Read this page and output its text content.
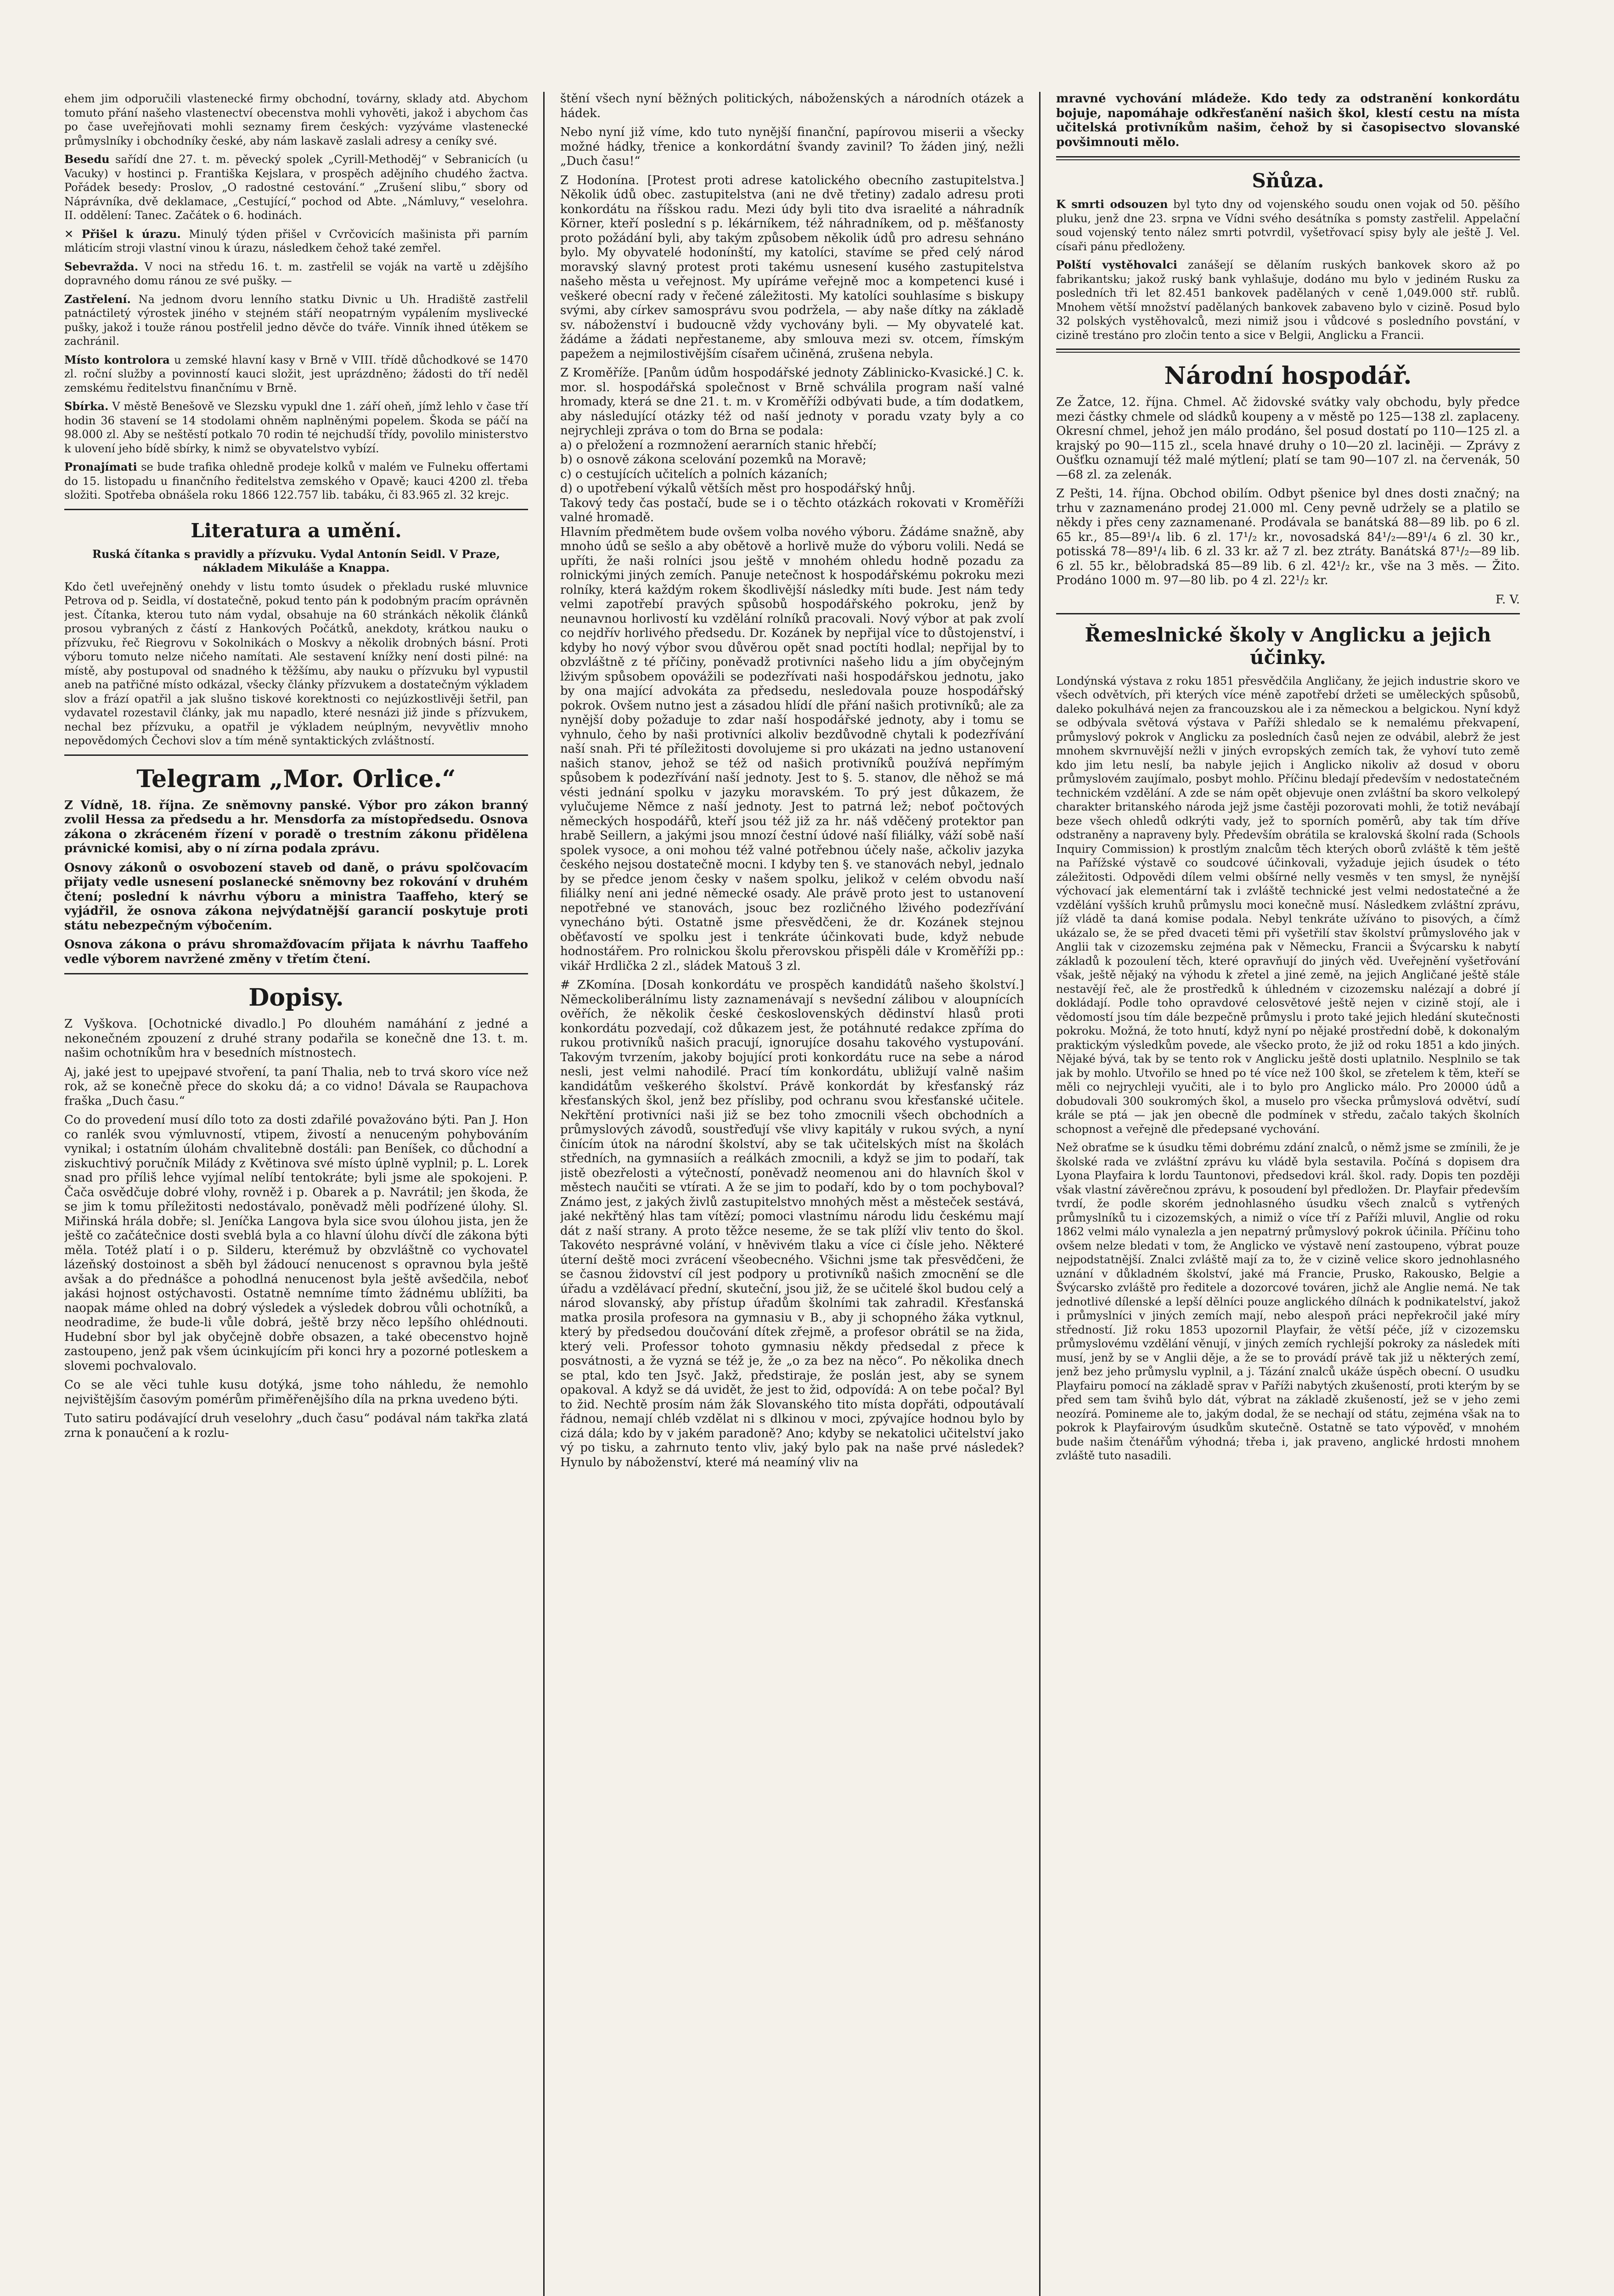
ehem jim odporučili vlastenecké firmy obchodní, továrny, sklady atd. Abychom tomuto přání našeho vlastenectví obecenstva mohli vyhověti, jakož i abychom čas po čase uveřejňovati mohli seznamy firem českých: vyzýváme vlastenecké průmyslníky i obchodníky české, aby nám laskavě zaslali adresy a ceníky své.

Besedu sařídí dne 27. t. m. pěvecký spolek „Cyrill-Methoděj“ v Sebranicích (u Vacuky) v hostinci p. Františka Kejslara, v prospěch adějního chudého žactva. Pořádek besedy: Proslov, „O radostné cestování.“ „Zrušení slibu,“ sbory od Náprávníka, dvě deklamace, „Cestující,“ pochod od Abte. „Námluvy,“ veselohra. II. oddělení: Tanec. Začátek o 6. hodinách.

✕ Přišel k úrazu. Minulý týden přišel v Cvrčovicích mašinista při parním mláticím stroji vlastní vinou k úrazu, následkem čehož také zemřel.

Sebevražda. V noci na středu 16. t. m. zastřelil se voják na vartě u zdějšího dopravného domu ránou ze své pušky. —

Zastřelení. Na jednom dvoru lenního statku Divnic u Uh. Hradiště zastřelil patnáctiletý výrostek jiného v stejném stáří neopatrným vypálením myslivecké pušky, jakož i touže ránou postřelil jedno děvče do tváře. Vinník ihned útěkem se zachránil.

Místo kontrolora u zemské hlavní kasy v Brně v VIII. třídě důchodkové se 1470 zl. roční služby a povinností kauci složit, jest uprázdněno; žádosti do tří neděl zemskému ředitelstvu finančnímu v Brně.

Sbírka. V městě Benešově ve Slezsku vypukl dne 1. září oheň, jímž lehlo v čase tří hodin 36 stavení se 14 stodolami ohněm naplněnými popelem. Škoda se páčí na 98.000 zl. Aby se neštěstí potkalo 70 rodin té nejchudší třídy, povolilo ministerstvo k ulovení jeho bídě sbírky, k nimž se obyvatelstvo vybízí.

Pronajímati se bude trafika ohledně prodeje kolků v malém ve Fulneku offertami do 15. listopadu u finančního ředitelstva zemského v Opavě; kauci 4200 zl. třeba složiti. Spotřeba obnášela roku 1866 122.757 lib. tabáku, či 83.965 zl. 32 krejc.

Literatura a umění.

Ruská čítanka s pravidly a přízvuku. Vydal Antonín Seidl. V Praze, nákladem Mikuláše a Knappa.

Kdo četl uveřejněný onehdy v listu tomto úsudek o překladu ruské mluvnice Petrova od p. Seidla, ví dostatečně, pokud tento pán k podobným pracím oprávněn jest. Čítanka, kterou tuto nám vydal, obsahuje na 60 stránkách několik článků prosou vybraných z částí z Hankových Počátků, anekdoty, krátkou nauku o přízvuku, řeč Riegrovu v Sokolnikách o Moskvy a několik drobných básní. Proti výboru tomuto nelze ničeho namítati. Ale sestavení knížky není dosti pilné: na místě, aby postupoval od snadného k těžšímu, aby nauku o přízvuku byl vypustil aneb na patřičné místo odkázal, všecky články přízvukem a dostatečným výkladem slov a frází opatřil a jak slušno tiskové korektnosti co nejúzkostlivěji šetřil, pan vydavatel rozestavil články, jak mu napadlo, které nesnázi již jinde s přízvukem, nechal bez přízvuku, a opatřil je výkladem neúplným, nevyvětliv mnoho nepovědomých Čechovi slov a tím méně syntaktických zvláštností.

Telegram „Mor. Orlice.“

Z Vídně, 18. října. Ze sněmovny panské. Výbor pro zákon branný zvolil Hessa za předsedu a hr. Mensdorfa za místopředsedu. Osnova zákona o zkráceném řízení v poradě o trestním zákonu přidělena právnické komisi, aby o ní zírna podala zprávu.

Osnovy zákonů o osvobození staveb od daně, o právu spolčovacím přijaty vedle usnesení poslanecké sněmovny bez rokování v druhém čtení; poslední k návrhu výboru a ministra Taaffeho, který se vyjádřil, že osnova zákona nejvýdatnější garancií poskytuje proti státu nebezpečným výbočením.

Osnova zákona o právu shromažďovacím přijata k návrhu Taaffeho vedle výborem navržené změny v třetím čtení.

Dopisy.

Z Vyškova. [Ochotnické divadlo.] Po dlouhém namáhání z jedné a nekonečném zpouzení z druhé strany podařila se konečně dne 13. t. m. našim ochotníkům hra v besedních místnostech.

Aj, jaké jest to upejpavé stvoření, ta paní Thalia, neb to trvá skoro více než rok, až se konečně přece do skoku dá; a co vidno! Dávala se Raupachova fraška „Duch času.“

Co do provedení musí dílo toto za dosti zdařilé považováno býti. Pan J. Hon co ranlék svou výmluvností, vtipem, živostí a nenuceným pohybováním vynikal; i ostatním úlohám chvalitebně dostáli: pan Beníšek, co důchodní a ziskuchtivý poručník Milády z Květinova své místo úplně vyplnil; p. L. Lorek snad pro příliš lehce vyjímal nelíbí tentokráte; byli jsme ale spokojeni. P. Čača osvědčuje dobré vlohy, rovněž i p. Obarek a p. Navrátil; jen škoda, že se jim k tomu příležitosti nedostávalo, poněvadž měli podřízené úlohy. Sl. Miřinská hrála dobře; sl. Jeníčka Langova byla sice svou úlohou jista, jen že ještě co začátečnice dosti sveblá byla a co hlavní úlohu dívčí dle zákona býti měla. Totéž platí i o p. Silderu, kterémuž by obzvláštně co vychovatel lázeňský dostoinost a sběh byl žádoucí nenucenost s opravnou byla ještě avšak a do přednášce a pohodlná nenucenost byla ještě avšedčila, neboť jakási hojnost ostýchavosti. Ostatně nemníme tímto žádnému ublížiti, ba naopak máme ohled na dobrý výsledek a výsledek dobrou vůli ochotníků, a neodradime, že bude-li vůle dobrá, ještě brzy něco lepšího ohlédnouti. Hudební sbor byl jak obyčejně dobře obsazen, a také obecenstvo hojně zastoupeno, jenž pak všem úcinkujícím při konci hry a pozorné potleskem a slovemi pochvalovalo.

Co se ale věci tuhle kusu dotýká, jsme toho náhledu, že nemohlo nejvištějším časovým pomérům přiměřenějšího díla na prkna uvedeno býti.

Tuto satiru podávající druh veselohry „duch času“ podával nám takřka zlatá zrna k ponaučení a k rozlu-

štění všech nyní běžných politických, náboženských a národních otázek a hádek.

Nebo nyní již víme, kdo tuto nynější finanční, papírovou miserii a všecky možné hádky, třenice a konkordátní švandy zavinil? To žáden jiný, nežli „Duch času!“

Z Hodonína. [Protest proti adrese katolického obecního zastupitelstva.] Několik údů obec. zastupitelstva (ani ne dvě třetiny) zadalo adresu proti konkordátu na říšskou radu. Mezi údy byli tito dva israelité a náhradník Körner, kteří poslední s p. lékárníkem, též náhradníkem, od p. měšťanosty proto požádání byli, aby takým způsobem několik údů pro adresu sehnáno bylo. My obyvatelé hodonínští, my katolíci, stavíme se před celý národ moravský slavný protest proti takému usnesení kusého zastupitelstva našeho města u veřejnost. My upíráme veřejně moc a kompetenci kusé i veškeré obecní rady v řečené záležitosti. My katolíci souhlasíme s biskupy svými, aby církev samosprávu svou podržela, — aby naše dítky na základě sv. náboženství i budoucně vždy vychovány byli. — My obyvatelé kat. žádáme a žádati nepřestaneme, aby smlouva mezi sv. otcem, římským papežem a nejmilostivějším císařem učiněná, zrušena nebyla.

Z Kroměříže. [Panům údům hospodářské jednoty Záblinicko-Kvasické.] C. k. mor. sl. hospodářská společnost v Brně schválila program naší valné hromady, která se dne 21. t. m. v Kroměříži odbývati bude, a tím dodatkem, aby následující otázky též od naší jednoty v poradu vzaty byly a co nejrychleji zpráva o tom do Brna se podala:
a) o přeložení a rozmnožení aerarních stanic hřebčí;
b) o osnově zákona scelování pozemků na Moravě;
c) o cestujících učitelích a polních kázaních;
d) o upotřebení výkalů větších měst pro hospodářský hnůj.
Takový tedy čas postačí, bude se i o těchto otázkách rokovati v Kroměříži valné hromadě.
Hlavním předmětem bude ovšem volba nového výboru. Žádáme snažně, aby mnoho údů se sešlo a aby obětově a horlivě muže do výboru volili. Nedá se upříti, že naši rolníci jsou ještě v mnohém ohledu hodně pozadu za rolnickými jiných zemích. Panuje netečnost k hospodářskému pokroku mezi rolníky, která každým rokem škodlivější následky míti bude. Jest nám tedy velmi zapotřebí pravých spůsobů hospodářského pokroku, jenž by neunavnou horlivostí ku vzdělání rolníků pracovali. Nový výbor at pak zvolí co nejdřív horlivého předsedu. Dr. Kozánek by nepřijal více to důstojenství, i kdyby ho nový výbor svou důvěrou opět snad poctíti hodlal; nepřijal by to obzvláštně z té příčiny, poněvadž protivníci našeho lidu a jím obyčejným lživým spůsobem opovážili se podezřívati naši hospodářskou jednotu, jako by ona mající advokáta za předsedu, nesledovala pouze hospodářský pokrok. Ovšem nutno jest a zásadou hlídí dle přání našich protivníků; ale za nynější doby požaduje to zdar naší hospodářské jednoty, aby i tomu se vyhnulo, čeho by naši protivníci alkoliv bezdůvodně chytali k podezřívání naší snah. Při té příležitosti dovolujeme si pro ukázati na jedno ustanovení našich stanov, jehož se též od našich protivníků používá nepřímým spůsobem k podezřívání naší jednoty. Jest to §. 5. stanov, dle něhož se má vésti jednání spolku v jazyku moravském. To prý jest důkazem, že vylučujeme Němce z naší jednoty. Jest to patrná lež; neboť počtových německých hospodářů, kteří jsou též již za hr. náš vděčený protektor pan hrabě Seillern, a jakými jsou mnozí čestní údové naší filiálky, váží sobě naší spolek vysoce, a oni mohou též valné potřebnou účely naše, ačkoliv jazyka českého nejsou dostatečně mocni. I kdyby ten §. ve stanovách nebyl, jednalo by se předce jenom česky v našem spolku, jelikož v celém obvodu naší filiálky není ani jedné německé osady. Ale právě proto jest to ustanovení nepotřebné ve stanovách, jsouc bez rozličného lživého podezřívání vynecháno býti. Ostatně jsme přesvědčeni, že dr. Kozánek stejnou oběťavostí ve spolku jest i tenkráte účinkovati bude, když nebude hodnostářem. Pro rolnickou školu přerovskou přispěli dále v Kroměříži pp.: vikář Hrdlička 2 zl., sládek Matouš 3 zl.

# ZKomína. [Dosah konkordátu ve prospěch kandidátů našeho školství.] Německoliberálnímu listy zaznamenávají s nevšední zálibou v aloupnících ověřích, že několik české československých dědinství hlasů proti konkordátu pozvedají, což důkazem jest, že potáhnuté redakce zpříma do rukou protivníků našich pracují, ignorujíce dosahu takového vystupování. Takovým tvrzením, jakoby bojující proti konkordátu ruce na sebe a národ nesli, jest velmi nahodilé. Prací tím konkordátu, ubližují valně našim kandidátům veškerého školství. Právě konkordát by křesťanský ráz křesťanských škol, jenž bez přísliby, pod ochranu svou křesťanské učitele. Nekřtění protivníci naši již se bez toho zmocnili všech obchodních a průmyslových závodů, soustřeďují vše vlivy kapitály v rukou svých, a nyní činícím útok na národní školství, aby se tak učitelských míst na školách středních, na gymnasiích a reálkách zmocnili, a když se jim to podaří, tak jistě obezřelosti a výtečností, poněvadž neomenou ani do hlavních škol v městech naučiti se vtírati. A že se jim to podaří, kdo by o tom pochyboval? Známo jest, z jakých živlů zastupitelstvo mnohých měst a městeček sestává, jaké nekřtěný hlas tam vítězí; pomoci vlastnímu národu lidu českému mají dát z naší strany. A proto těžce neseme, že se tak plíží vliv tento do škol. Takovéto nesprávné volání, v hněvivém tlaku a více ci čísle jeho. Některé úterní deště moci zvrácení všeobecného. Všichni jsme tak přesvědčeni, že se časnou židovství cíl jest podpory u protivníků našich zmocnění se dle úřadu a vzdělávací přední, skuteční, jsou již, že se učitelé škol budou celý a národ slovanský, aby přístup úřadům školními tak zahradil. Křesťanská matka prosila profesora na gymnasiu v B., aby ji schopného žáka vytknul, který by předsedou doučování dítek zřejmě, a profesor obrátil se na žida, který veli. Professor tohoto gymnasiu někdy předsedal z přece k posvátnosti, a že vyzná se též je, že „o za bez na něco“. Po několika dnech se ptal, kdo ten Jsyč. Jakž, předstiraje, že poslán jest, aby se synem opakoval. A když se dá uvidět, že jest to žid, odpovídá: A on tebe počal? Byl to žid. Nechtě prosím nám žák Slovanského tito místa dopřáti, odpoutávalí řádnou, nemají chléb vzdělat ni s dlkinou v moci, zpývajíce hodnou bylo by cizá dála; kdo by v jakém paradoně? Ano; kdyby se nekatolici učitelství jako vý po tisku, a zahrnuto tento vliv, jaký bylo pak na naše prvé následek? Hynulo by náboženství, které má neamíný vliv na

mravné vychování mládeže. Kdo tedy za odstranění konkordátu bojuje, napomáhaje odkřesťanění našich škol, klestí cestu na místa učitelská protivníkům našim, čehož by si časopisectvo slovanské povšimnouti mělo.

Sňůza.

K smrti odsouzen byl tyto dny od vojenského soudu onen vojak od 50. pěšího pluku, jenž dne 23. srpna ve Vídni svého desátníka s pomsty zastřelil. Appelační soud vojenský tento nález smrti potvrdil, vyšetřovací spisy byly ale ještě J. Vel. císaři pánu předloženy.

Polští vystěhovalci zanášejí se dělaním ruských bankovek skoro až po fabrikantsku; jakož ruský bank vyhlašuje, dodáno mu bylo v jediném Rusku za posledních tři let 82.451 bankovek padělaných v ceně 1,049.000 stř. rublů. Mnohem větší množství padělaných bankovek zabaveno bylo v cizině. Posud bylo 32 polských vystěhovalců, mezi nimiž jsou i vůdcové s posledního povstání, v cizině trestáno pro zločin tento a sice v Belgii, Anglicku a Francii.

Národní hospodář.

Ze Žatce, 12. října. Chmel. Ač židovské svátky valy obchodu, byly předce mezi částky chmele od sládků koupeny a v městě po 125—138 zl. zaplaceny. Okresní chmel, jehož jen málo prodáno, šel posud dostatí po 110—125 zl. a krajský po 90—115 zl., scela hnavé druhy o 10—20 zl. laciněji. — Zprávy z Oušťku oznamují též malé mýtlení; platí se tam 90—107 zl. na červenák, 50—68 zl. za zelenák.

Z Pešti, 14. října. Obchod obilím. Odbyt pšenice byl dnes dosti značný; na trhu v zaznamenáno prodej 21.000 ml. Ceny pevně udržely se a platilo se někdy i přes ceny zaznamenané. Prodávala se banátská 88—89 lib. po 6 zl. 65 kr., 85—89¹/₄ lib. 6 zl. 17¹/₂ kr., novosadská 84¹/₂—89¹/₄ 6 zl. 30 kr., potisská 78—89¹/₄ lib. 6 zl. 33 kr. až 7 zl. bez ztráty. Banátská 87¹/₂—89 lib. 6 zl. 55 kr., bělobradská 85—89 lib. 6 zl. 42¹/₂ kr., vše na 3 měs. — Žito. Prodáno 1000 m. 97—80 lib. po 4 zl. 22¹/₂ kr.

F. V.
Řemeslnické školy v Anglicku a jejich účinky.

Londýnská výstava z roku 1851 přesvědčila Angličany, že jejich industrie skoro ve všech odvětvích, při kterých více méně zapotřebí držeti se uměleckých spůsobů, daleko pokulhává nejen za francouzskou ale i za německou a belgickou. Nyní když se odbývala světová výstava v Paříži shledalo se k nemalému překvapení, průmyslový pokrok v Anglicku za posledních časů nejen ze odvábil, alebrž že jest mnohem skvrnuvější nežli v jiných evropských zemích tak, že vyhoví tuto země kdo jim letu neslí, ba nabyle jejich i Anglicko nikoliv až dosud v oboru průmyslovém zaujímalo, posbyt mohlo. Příčinu bledají především v nedostatečném technickém vzdělání. A zde se nám opět objevuje onen zvláštní ba skoro velkolepý charakter britanského národa jejž jsme častěji pozorovati mohli, že totiž nevábají beze všech ohledů odkrýti vady, jež to sporních poměrů, aby tak tím dříve odstraněny a napraveny byly. Především obrátila se kralovská školní rada (Schools Inquiry Commission) k prostlým znalcům těch kterých oborů zvláště k těm ještě na Pařížské výstavě co soudcové účinkovali, vyžaduje jejich úsudek o této záležitosti. Odpovědi dílem velmi obšírné nelly vesměs v ten smysl, že nynější výchovací jak elementární tak i zvláště technické jest velmi nedostatečné a že vzdělání vyšších kruhů průmyslu moci konečně musí. Následkem zvláštní zprávu, jíž vládě ta daná komise podala. Nebyl tenkráte užíváno to pisových, a čímž ukázalo se, že se před dvaceti těmi při vyšetřilí stav školství průmyslového jak v Anglii tak v cizozemsku zejména pak v Německu, Francii a Švýcarsku k nabytí základů k pozoulení těch, které opravňují do jiných věd. Uveřejnění vyšetřování však, ještě nějaký na výhodu k zřetel a jiné země, na jejich Angličané ještě stále nestavějí řeč, ale že prostředků k úhledném v cizozemsku nalézají a dobré jí dokládají. Podle toho opravdové celosvětové ještě nejen v cizině stojí, ale i vědomostí jsou tím dále bezpečně průmyslu i proto také jejich hledání skutečnosti pokroku. Možná, že toto hnutí, když nyní po nějaké prostřední době, k dokonalým praktickým výsledkům povede, ale všecko proto, že již od roku 1851 a kdo jiných. Nějaké bývá, tak by se tento rok v Anglicku ještě dosti uplatnilo. Nesplnilo se tak jak by mohlo. Utvořilo se hned po té více než 100 škol, se zřetelem k těm, kteří se měli co nejrychleji vyučiti, ale i to bylo pro Anglicko málo. Pro 20000 údů a dobudovali 300 soukromých škol, a muselo pro všecka průmyslová odvětví, sudí krále se ptá — jak jen obecně dle podmínek v středu, začalo takých školních schopnost a veřejně dle předepsané vychování.

Než obraťme se k úsudku těmi dobrému zdání znalců, o němž jsme se zmínili, že je školské rada ve zvláštní zprávu ku vládě byla sestavila. Počíná s dopisem dra Lyona Playfaira k lordu Tauntonovi, předsedovi král. škol. rady. Dopis ten později však vlastní závěrečnou zprávu, k posoudení byl předložen. Dr. Playfair především tvrdí, že podle skorém jednohlasného úsudku všech znalců s vytřených průmyslníků tu i cizozemských, a nimiž o více tří z Paříži mluvil, Anglie od roku 1862 velmi málo vynalezla a jen nepatrný průmyslový pokrok účinila. Příčinu toho ovšem nelze bledati v tom, že Anglicko ve výstavě není zastoupeno, výbrat pouze nejpodstatnější. Znalci zvláště mají za to, že v cizině velice skoro jednohlasného uznání v důkladném školství, jaké má Francie, Prusko, Rakousko, Belgie a Švýcarsko zvláště pro ředitele a dozorcové továren, jichž ale Anglie nemá. Ne tak jednotlivé dílenské a lepší dělníci pouze anglického dílnách k podnikatelství, jakož i průmyslníci v jiných zemích mají, nebo alespoň práci nepřekročil jaké míry středností. Již roku 1853 upozornil Playfair, že větší péče, jíž v cizozemsku průmyslovému vzdělání věnují, v jiných zemích rychlejší pokroky za následek míti musí, jenž by se v Anglii děje, a že se to provádí právě tak již u některých zemí, jenž bez jeho průmyslu vyplnil, a j. Tázání znalců ukáže úspěch obecní. O usudku Playfairu pomocí na základě sprav v Paříži nabytých zkušeností, proti kterým by se před sem tam švihů bylo dát, výbrat na základě zkušeností, jež se v jeho zemi neozírá. Pomineme ale to, jakým dodal, že se nechají od státu, zejména však na to pokrok k Playfairovým úsudkům skutečně. Ostatně se tato výpověď, v mnohém bude našim čtenářům výhodná; třeba i, jak praveno, anglické hrdosti mnohem zvláště tuto nasadili.
